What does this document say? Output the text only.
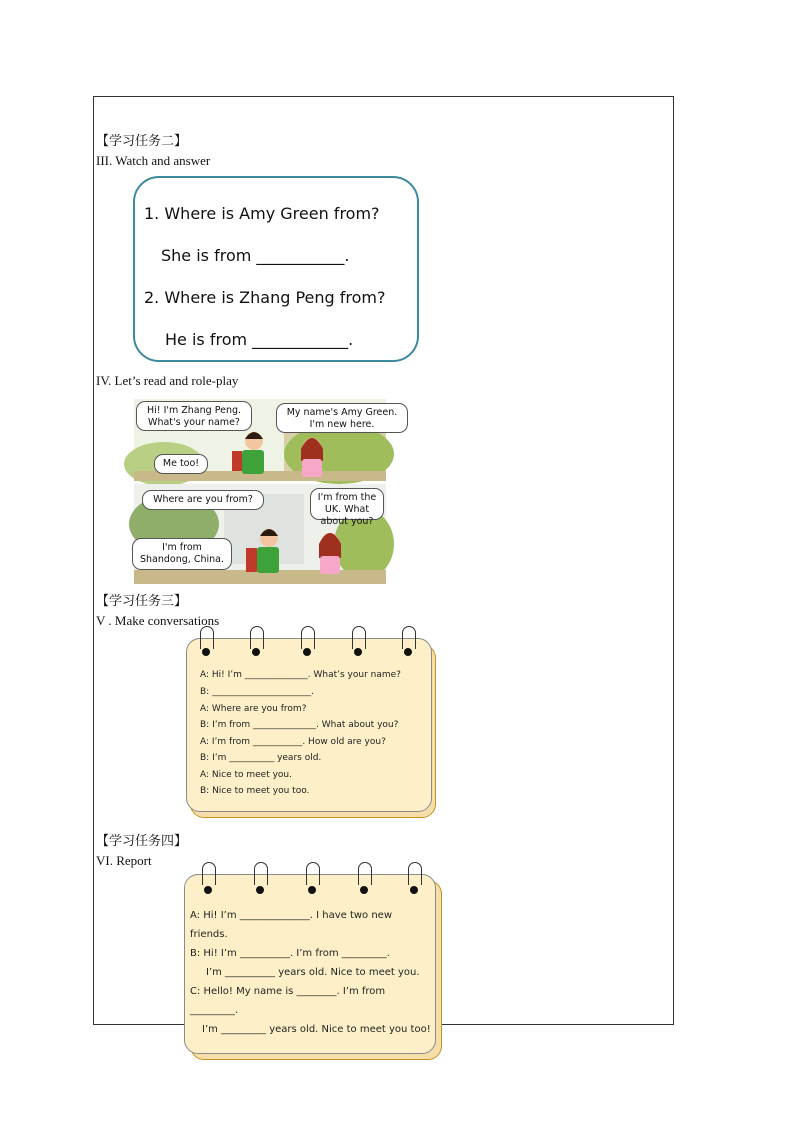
【学习任务二】
III. Watch and answer
1. Where is Amy Green from?
She is from ___________.
2. Where is Zhang Peng from?
He is from ____________.
IV. Let’s read and role-play
Hi! I'm Zhang Peng. What's your name?
My name's Amy Green. I'm new here.
Me too!
Where are you from?	I'm from the UK. What about you?
I'm from Shandong, China.
【学习任务三】
V . Make conversations
A: Hi! I’m ______________. What’s your name?
B: ______________________.
A: Where are you from?
B: I’m from ______________. What about you?
A: I’m from ___________. How old are you?
B: I’m __________ years old.
A: Nice to meet you.
B: Nice to meet you too.
【学习任务四】
VI. Report
A: Hi! I’m ______________. I have two new
friends.
B: Hi! I’m __________. I’m from _________.
I’m __________ years old. Nice to meet you.
C: Hello! My name is ________. I’m from
_________.
I’m _________ years old. Nice to meet you too!
